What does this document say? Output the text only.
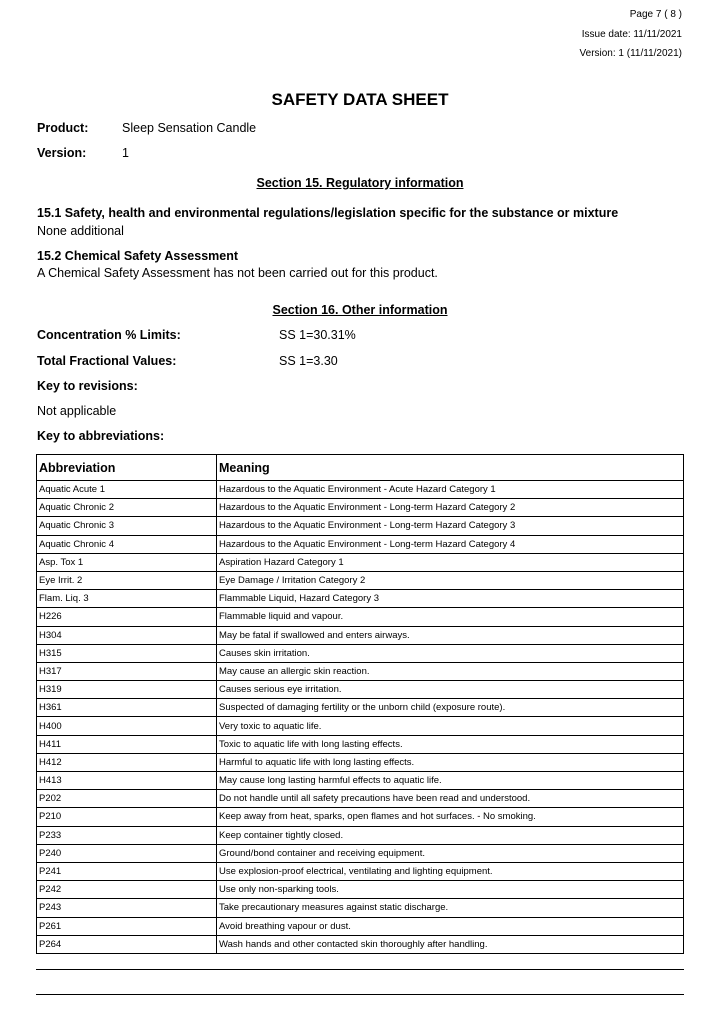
Page 7 ( 8 )
Issue date: 11/11/2021
Version: 1 (11/11/2021)
SAFETY DATA SHEET
Product:	Sleep Sensation Candle
Version:	1
Section 15. Regulatory information
15.1 Safety, health and environmental regulations/legislation specific for the substance or mixture
None additional
15.2 Chemical Safety Assessment
A Chemical Safety Assessment has not been carried out for this product.
Section 16. Other information
Concentration % Limits:	SS 1=30.31%
Total Fractional Values:	SS 1=3.30
Key to revisions:
Not applicable
Key to abbreviations:
Abbreviation	Meaning
Aquatic Acute 1	Hazardous to the Aquatic Environment - Acute Hazard Category 1
Aquatic Chronic 2	Hazardous to the Aquatic Environment - Long-term Hazard Category 2
Aquatic Chronic 3	Hazardous to the Aquatic Environment - Long-term Hazard Category 3
Aquatic Chronic 4	Hazardous to the Aquatic Environment - Long-term Hazard Category 4
Asp. Tox 1	Aspiration Hazard Category 1
Eye Irrit. 2	Eye Damage / Irritation Category 2
Flam. Liq. 3	Flammable Liquid, Hazard Category 3
H226	Flammable liquid and vapour.
H304	May be fatal if swallowed and enters airways.
H315	Causes skin irritation.
H317	May cause an allergic skin reaction.
H319	Causes serious eye irritation.
H361	Suspected of damaging fertility or the unborn child (exposure route).
H400	Very toxic to aquatic life.
H411	Toxic to aquatic life with long lasting effects.
H412	Harmful to aquatic life with long lasting effects.
H413	May cause long lasting harmful effects to aquatic life.
P202	Do not handle until all safety precautions have been read and understood.
P210	Keep away from heat, sparks, open flames and hot surfaces. - No smoking.
P233	Keep container tightly closed.
P240	Ground/bond container and receiving equipment.
P241	Use explosion-proof electrical, ventilating and lighting equipment.
P242	Use only non-sparking tools.
P243	Take precautionary measures against static discharge.
P261	Avoid breathing vapour or dust.
P264	Wash hands and other contacted skin thoroughly after handling.
